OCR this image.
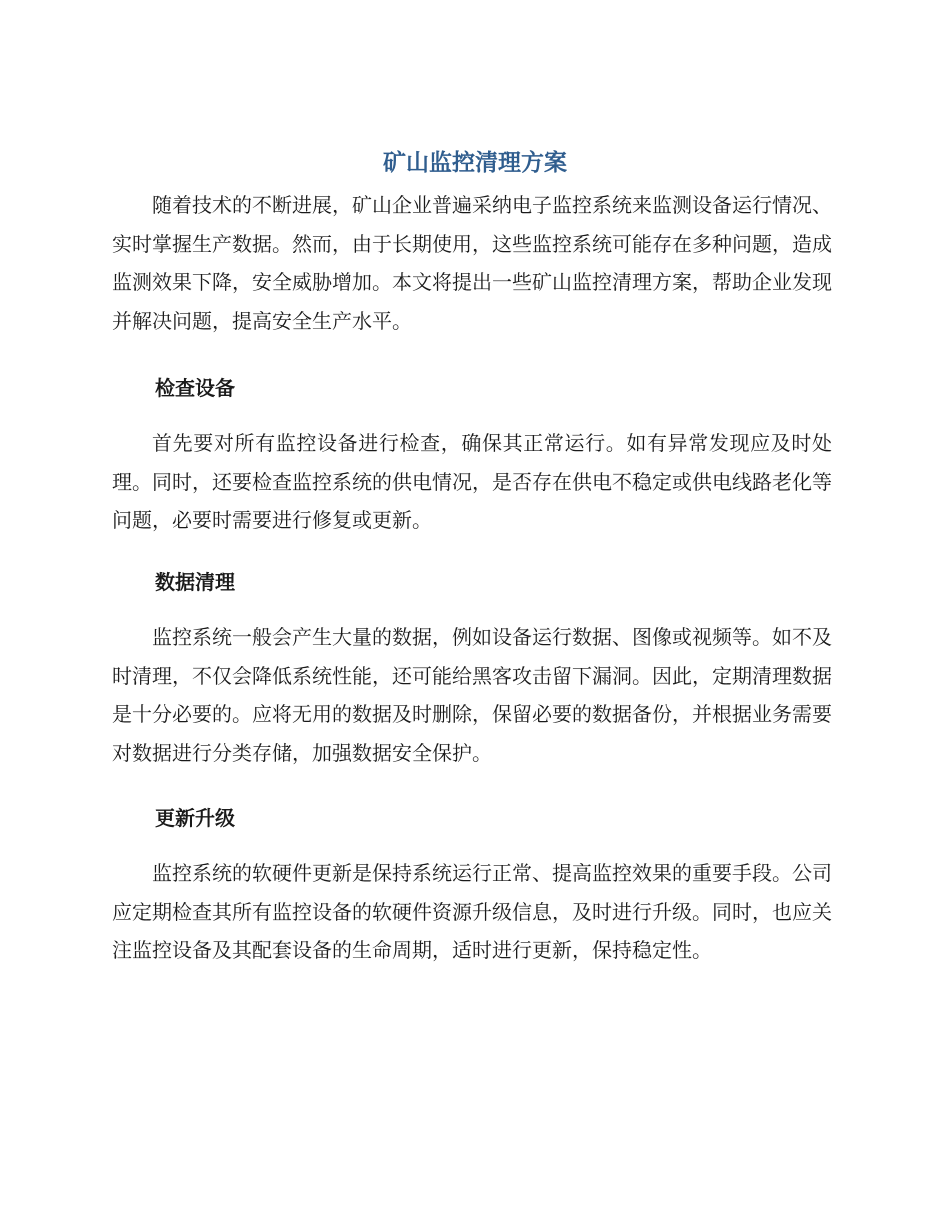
矿山监控清理方案

随着技术的不断进展，矿山企业普遍采纳电子监控系统来监测设备运行情况、实时掌握生产数据。然而，由于长期使用，这些监控系统可能存在多种问题，造成监测效果下降，安全威胁增加。本文将提出一些矿山监控清理方案，帮助企业发现并解决问题，提高安全生产水平。

检查设备

首先要对所有监控设备进行检查，确保其正常运行。如有异常发现应及时处理。同时，还要检查监控系统的供电情况，是否存在供电不稳定或供电线路老化等问题，必要时需要进行修复或更新。

数据清理

监控系统一般会产生大量的数据，例如设备运行数据、图像或视频等。如不及时清理，不仅会降低系统性能，还可能给黑客攻击留下漏洞。因此，定期清理数据是十分必要的。应将无用的数据及时删除，保留必要的数据备份，并根据业务需要对数据进行分类存储，加强数据安全保护。

更新升级

监控系统的软硬件更新是保持系统运行正常、提高监控效果的重要手段。公司应定期检查其所有监控设备的软硬件资源升级信息，及时进行升级。同时，也应关注监控设备及其配套设备的生命周期，适时进行更新，保持稳定性。
